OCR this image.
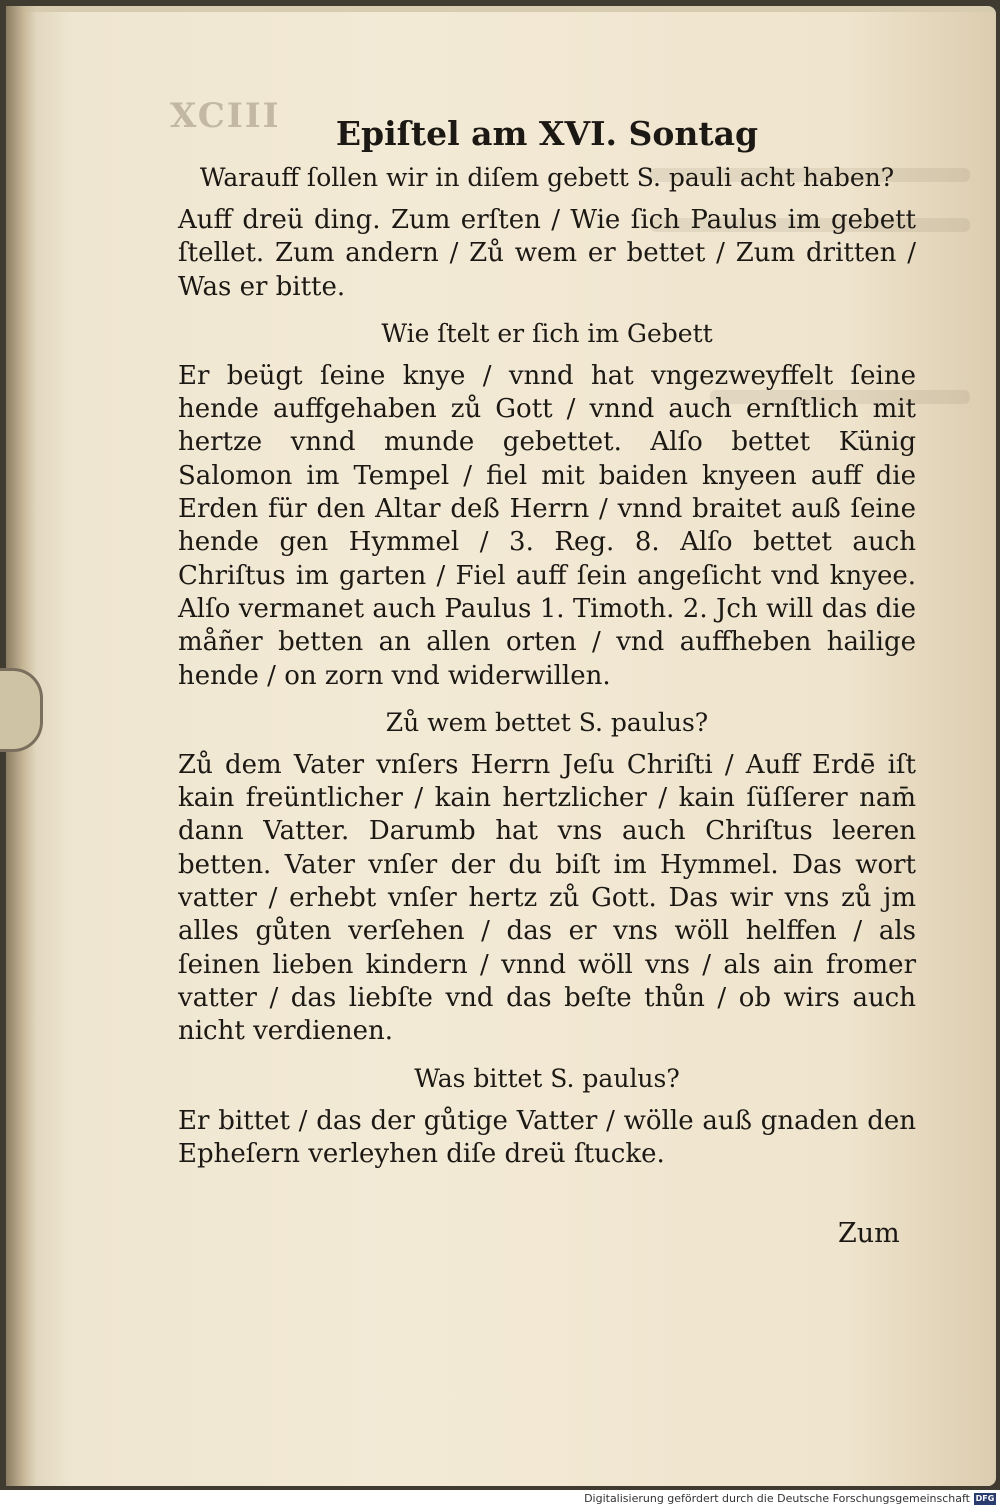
XCIII	Epiſtel am XVI. Sontag
Warauff ſollen wir in diſem gebett S. pauli acht haben?
Auff dreü ding. Zum erſten / Wie ſich Paulus im gebett ſtellet. Zum andern / Zů wem er bettet / Zum dritten / Was er bitte.
Wie ſtelt er ſich im Gebett
Er beügt ſeine knye / vnnd hat vngezweyffelt ſeine hende auffgehaben zů Gott / vnnd auch ernſtlich mit hertze vnnd munde gebettet. Alſo bettet Künig Salomon im Tempel / fiel mit baiden knyeen auff die Erden für den Altar deß Herrn / vnnd braitet auß ſeine hende gen Hymmel / 3. Reg. 8. Alſo bettet auch Chriſtus im garten / Fiel auff ſein angeſicht vnd knyee. Alſo vermanet auch Paulus 1. Timoth. 2. Jch will das die måñer betten an allen orten / vnd auffheben hailige hende / on zorn vnd widerwillen.
Zů wem bettet S. paulus?
Zů dem Vater vnſers Herrn Jeſu Chriſti / Auff Erdē̄ iſt kain freüntlicher / kain hertzlicher / kain ſüſſerer nam̄ dann Vatter. Darumb hat vns auch Chriſtus leeren betten. Vater vnſer der du biſt im Hymmel. Das wort vatter / erhebt vnſer hertz zů Gott. Das wir vns zů jm alles gůten verſehen / das er vns wöll helffen / als ſeinen lieben kindern / vnnd wöll vns / als ain fromer vatter / das liebſte vnd das beſte thůn / ob wirs auch nicht verdienen.
Was bittet S. paulus?
Er bittet / das der gůtige Vatter / wölle auß gnaden den Epheſern verleyhen diſe dreü ſtucke.
Zum
Digitalisierung gefördert durch die Deutsche Forschungsgemeinschaft DFG
